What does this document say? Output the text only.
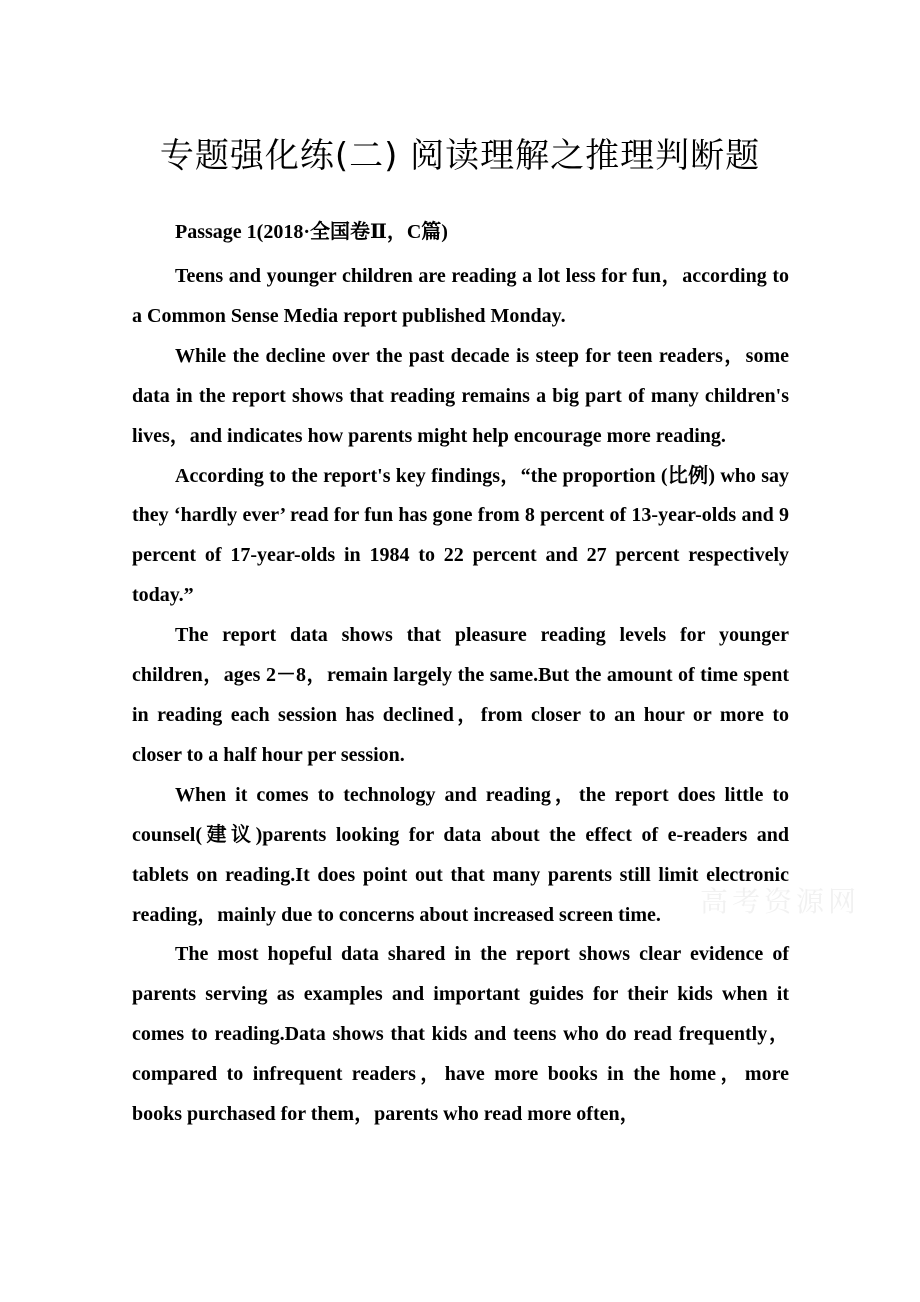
专题强化练(二) 阅读理解之推理判断题
Passage 1(2018·全国卷Ⅱ，C篇)

Teens and younger children are reading a lot less for fun，according to a Common Sense Media report published Monday.

While the decline over the past decade is steep for teen readers，some data in the report shows that reading remains a big part of many children's lives，and indicates how parents might help encourage more reading.

According to the report's key findings，“the proportion (比例) who say they ‘hardly ever’ read for fun has gone from 8 percent of 13-year-olds and 9 percent of 17-year-olds in 1984 to 22 percent and 27 percent respectively today.”

The report data shows that pleasure reading levels for younger children，ages 2－8，remain largely the same.But the amount of time spent in reading each session has declined，from closer to an hour or more to closer to a half hour per session.

When it comes to technology and reading，the report does little to counsel(建议)parents looking for data about the effect of e-readers and tablets on reading.It does point out that many parents still limit electronic reading，mainly due to concerns about increased screen time.

The most hopeful data shared in the report shows clear evidence of parents serving as examples and important guides for their kids when it comes to reading.Data shows that kids and teens who do read frequently，compared to infrequent readers，have more books in the home，more books purchased for them，parents who read more often，

高考资源网
